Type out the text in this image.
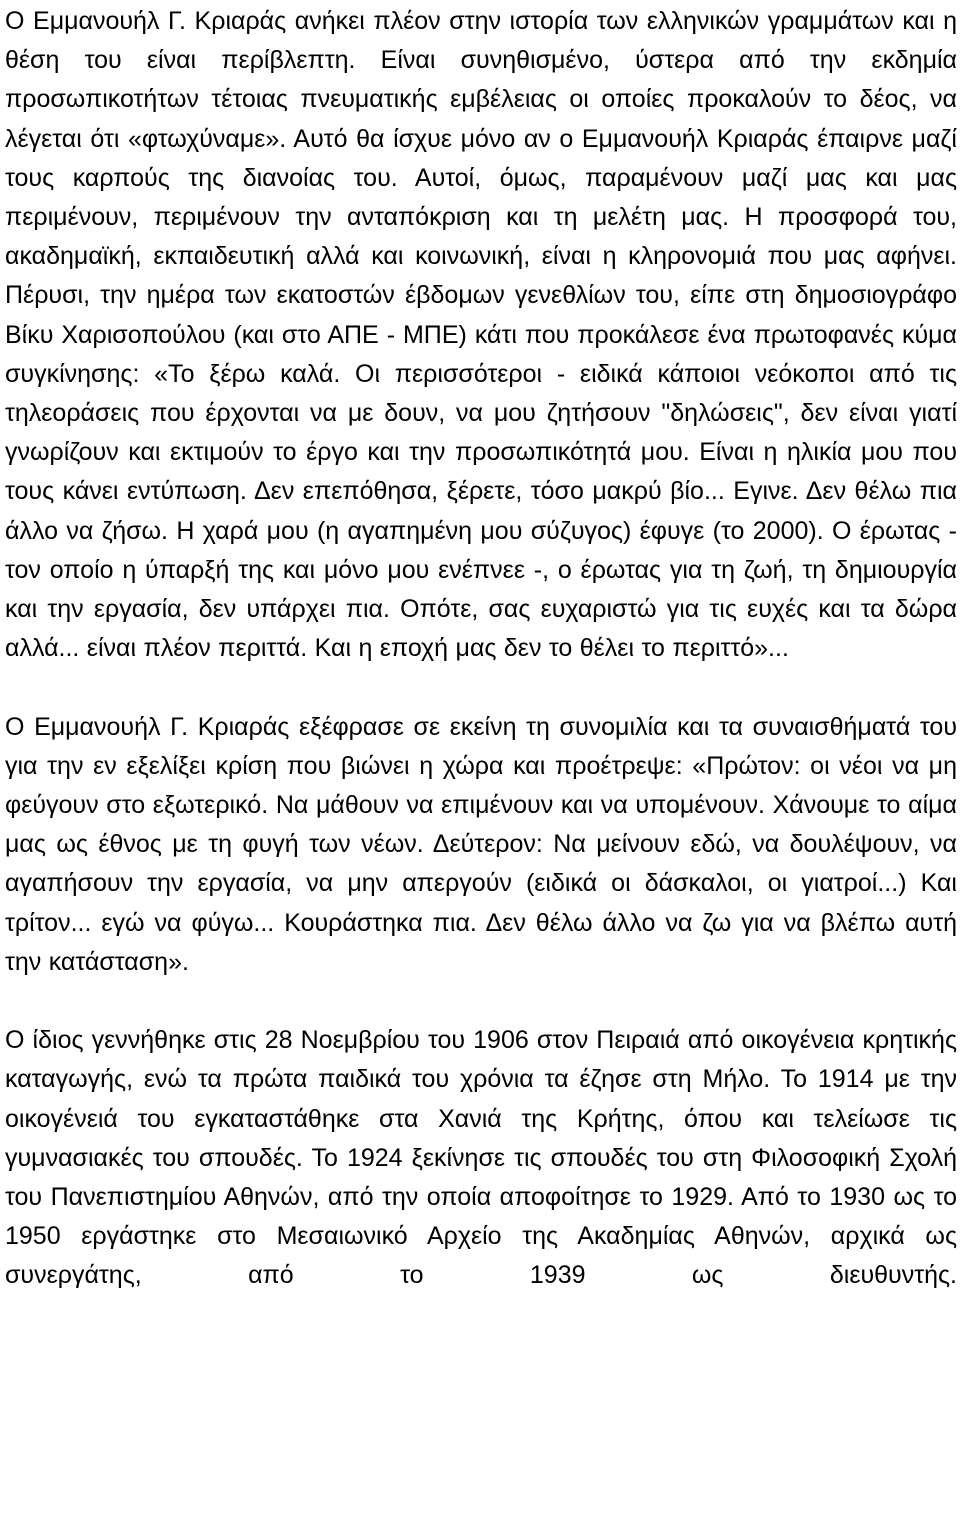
Ο Εμμανουήλ Γ. Κριαράς ανήκει πλέον στην ιστορία των ελληνικών γραμμάτων και η θέση του είναι περίβλεπτη. Είναι συνηθισμένο, ύστερα από την εκδημία προσωπικοτήτων τέτοιας πνευματικής εμβέλειας οι οποίες προκαλούν το δέος, να λέγεται ότι «φτωχύναμε». Αυτό θα ίσχυε μόνο αν ο Εμμανουήλ Κριαράς έπαιρνε μαζί τους καρπούς της διανοίας του. Αυτοί, όμως, παραμένουν μαζί μας και μας περιμένουν, περιμένουν την ανταπόκριση και τη μελέτη μας. Η προσφορά του, ακαδημαϊκή, εκπαιδευτική αλλά και κοινωνική, είναι η κληρονομιά που μας αφήνει. Πέρυσι, την ημέρα των εκατοστών έβδομων γενεθλίων του, είπε στη δημοσιογράφο Βίκυ Χαρισοπούλου (και στο ΑΠΕ - ΜΠΕ) κάτι που προκάλεσε ένα πρωτοφανές κύμα συγκίνησης: «Το ξέρω καλά. Οι περισσότεροι - ειδικά κάποιοι νεόκοποι από τις τηλεοράσεις που έρχονται να με δουν, να μου ζητήσουν "δηλώσεις", δεν είναι γιατί γνωρίζουν και εκτιμούν το έργο και την προσωπικότητά μου. Είναι η ηλικία μου που τους κάνει εντύπωση. Δεν επεπόθησα, ξέρετε, τόσο μακρύ βίο... Εγινε. Δεν θέλω πια άλλο να ζήσω. Η χαρά μου (η αγαπημένη μου σύζυγος) έφυγε (το 2000). Ο έρωτας - τον οποίο η ύπαρξή της και μόνο μου ενέπνεε -, ο έρωτας για τη ζωή, τη δημιουργία και την εργασία, δεν υπάρχει πια. Οπότε, σας ευχαριστώ για τις ευχές και τα δώρα αλλά... είναι πλέον περιττά. Και η εποχή μας δεν το θέλει το περιττό»...

Ο Εμμανουήλ Γ. Κριαράς εξέφρασε σε εκείνη τη συνομιλία και τα συναισθήματά του για την εν εξελίξει κρίση που βιώνει η χώρα και προέτρεψε: «Πρώτον: οι νέοι να μη φεύγουν στο εξωτερικό. Να μάθουν να επιμένουν και να υπομένουν. Χάνουμε το αίμα μας ως έθνος με τη φυγή των νέων. Δεύτερον: Να μείνουν εδώ, να δουλέψουν, να αγαπήσουν την εργασία, να μην απεργούν (ειδικά οι δάσκαλοι, οι γιατροί...) Και τρίτον... εγώ να φύγω... Κουράστηκα πια. Δεν θέλω άλλο να ζω για να βλέπω αυτή την κατάσταση».

Ο ίδιος γεννήθηκε στις 28 Νοεμβρίου του 1906 στον Πειραιά από οικογένεια κρητικής καταγωγής, ενώ τα πρώτα παιδικά του χρόνια τα έζησε στη Μήλο. Το 1914 με την οικογένειά του εγκαταστάθηκε στα Χανιά της Κρήτης, όπου και τελείωσε τις γυμνασιακές του σπουδές. Το 1924 ξεκίνησε τις σπουδές του στη Φιλοσοφική Σχολή του Πανεπιστημίου Αθηνών, από την οποία αποφοίτησε το 1929. Από το 1930 ως το 1950 εργάστηκε στο Μεσαιωνικό Αρχείο της Ακαδημίας Αθηνών, αρχικά ως συνεργάτης, από το 1939 ως διευθυντής.
